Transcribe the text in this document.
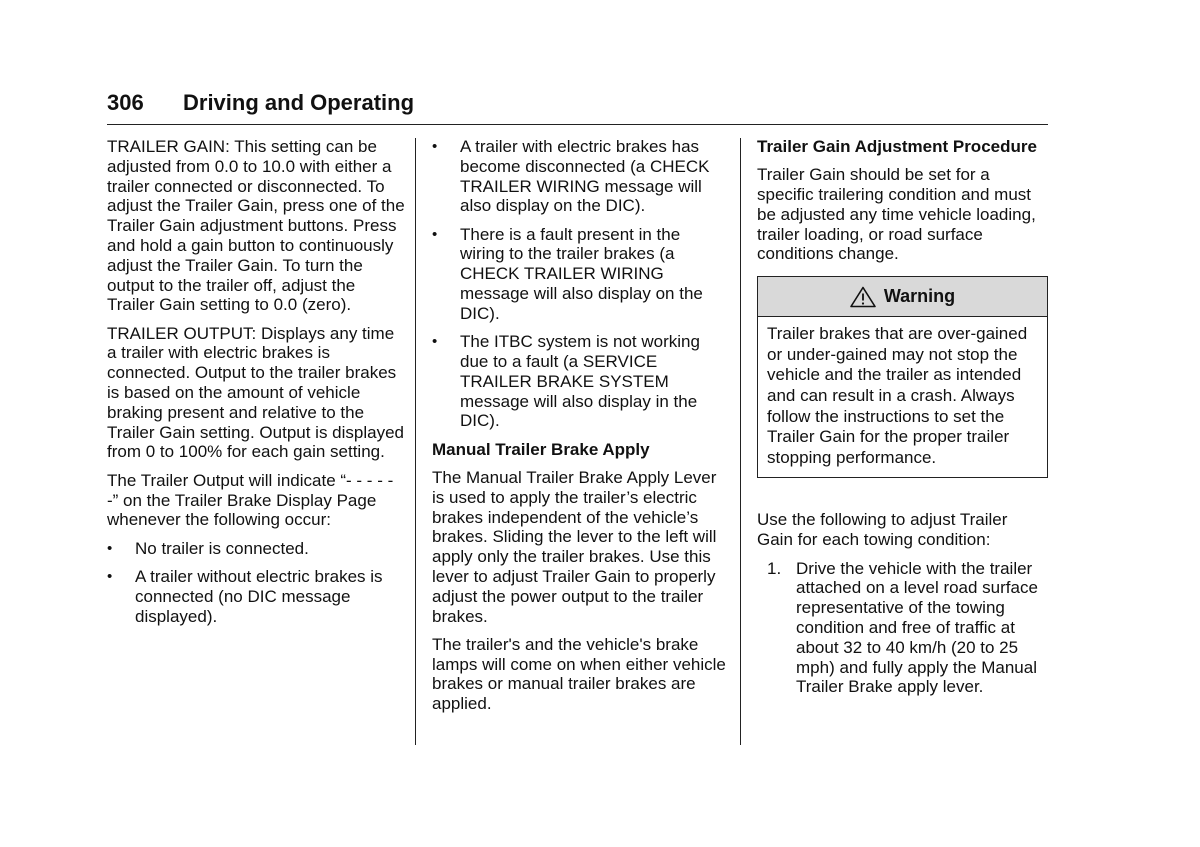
306 Driving and Operating

TRAILER GAIN: This setting can be adjusted from 0.0 to 10.0 with either a trailer connected or disconnected. To adjust the Trailer Gain, press one of the Trailer Gain adjustment buttons. Press and hold a gain button to continuously adjust the Trailer Gain. To turn the output to the trailer off, adjust the Trailer Gain setting to 0.0 (zero).

TRAILER OUTPUT: Displays any time a trailer with electric brakes is connected. Output to the trailer brakes is based on the amount of vehicle braking present and relative to the Trailer Gain setting. Output is displayed from 0 to 100% for each gain setting.

The Trailer Output will indicate “- - - - - -” on the Trailer Brake Display Page whenever the following occur:

• No trailer is connected.
• A trailer without electric brakes is connected (no DIC message displayed).
• A trailer with electric brakes has become disconnected (a CHECK TRAILER WIRING message will also display on the DIC).
• There is a fault present in the wiring to the trailer brakes (a CHECK TRAILER WIRING message will also display on the DIC).
• The ITBC system is not working due to a fault (a SERVICE TRAILER BRAKE SYSTEM message will also display in the DIC).

Manual Trailer Brake Apply

The Manual Trailer Brake Apply Lever is used to apply the trailer’s electric brakes independent of the vehicle’s brakes. Sliding the lever to the left will apply only the trailer brakes. Use this lever to adjust Trailer Gain to properly adjust the power output to the trailer brakes.

The trailer's and the vehicle's brake lamps will come on when either vehicle brakes or manual trailer brakes are applied.

Trailer Gain Adjustment Procedure

Trailer Gain should be set for a specific trailering condition and must be adjusted any time vehicle loading, trailer loading, or road surface conditions change.

Warning
Trailer brakes that are over-gained or under-gained may not stop the vehicle and the trailer as intended and can result in a crash. Always follow the instructions to set the Trailer Gain for the proper trailer stopping performance.

Use the following to adjust Trailer Gain for each towing condition:

1. Drive the vehicle with the trailer attached on a level road surface representative of the towing condition and free of traffic at about 32 to 40 km/h (20 to 25 mph) and fully apply the Manual Trailer Brake apply lever.
